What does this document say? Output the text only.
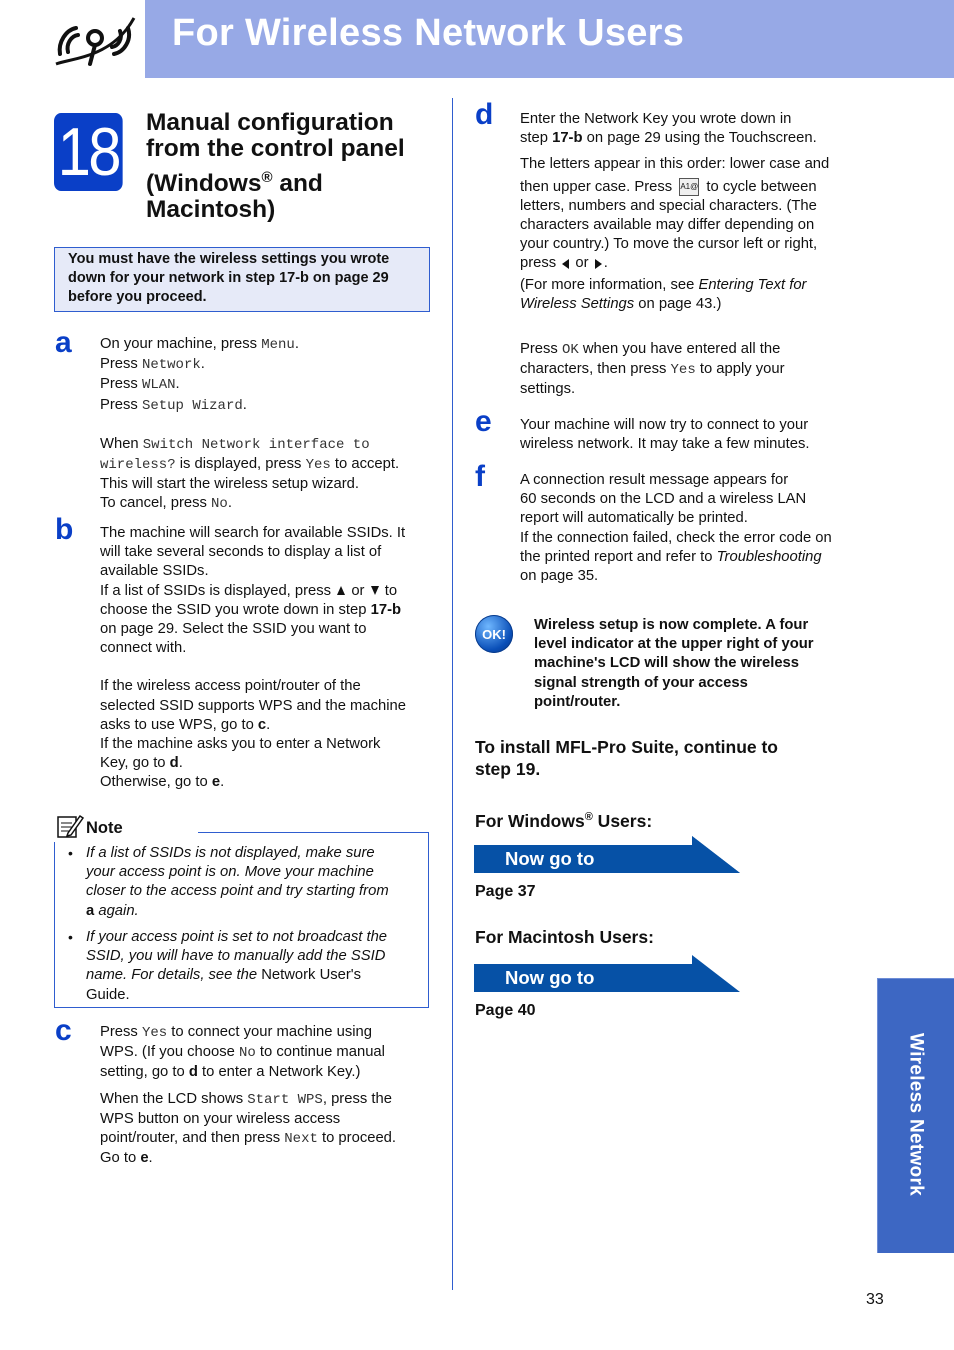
For Wireless Network Users
18 Manual configuration
from the control panel
(Windows® and
Macintosh)
You must have the wireless settings you wrote down for your network in step 17-b on page 29 before you proceed.
a On your machine, press Menu.
Press Network.
Press WLAN.
Press Setup Wizard.
When Switch Network interface to
wireless? is displayed, press Yes to accept.
This will start the wireless setup wizard.
To cancel, press No.
b The machine will search for available SSIDs. It
will take several seconds to display a list of
available SSIDs.
If a list of SSIDs is displayed, press  or  to
choose the SSID you wrote down in step 17-b
on page 29. Select the SSID you want to
connect with.
If the wireless access point/router of the
selected SSID supports WPS and the machine
asks to use WPS, go to c.
If the machine asks you to enter a Network
Key, go to d.
Otherwise, go to e.
Note
• If a list of SSIDs is not displayed, make sure
your access point is on. Move your machine
closer to the access point and try starting from
a again.
• If your access point is set to not broadcast the
SSID, you will have to manually add the SSID
name. For details, see the Network User's
Guide.
c Press Yes to connect your machine using
WPS. (If you choose No to continue manual
setting, go to d to enter a Network Key.)
When the LCD shows Start WPS, press the
WPS button on your wireless access
point/router, and then press Next to proceed.
Go to e.
d Enter the Network Key you wrote down in
step 17-b on page 29 using the Touchscreen.
The letters appear in this order: lower case and
then upper case. Press A1@ to cycle between
letters, numbers and special characters. (The
characters available may differ depending on
your country.) To move the cursor left or right,
press  or .
(For more information, see Entering Text for
Wireless Settings on page 43.)
Press OK when you have entered all the
characters, then press Yes to apply your
settings.
e Your machine will now try to connect to your
wireless network. It may take a few minutes.
f A connection result message appears for
60 seconds on the LCD and a wireless LAN
report will automatically be printed.
If the connection failed, check the error code on
the printed report and refer to Troubleshooting
on page 35.
OK!
Wireless setup is now complete. A four
level indicator at the upper right of your
machine's LCD will show the wireless
signal strength of your access
point/router.
To install MFL-Pro Suite, continue to
step 19.
For Windows® Users:
Now go to
Page 37
For Macintosh Users:
Now go to
Page 40
Wireless Network
33
